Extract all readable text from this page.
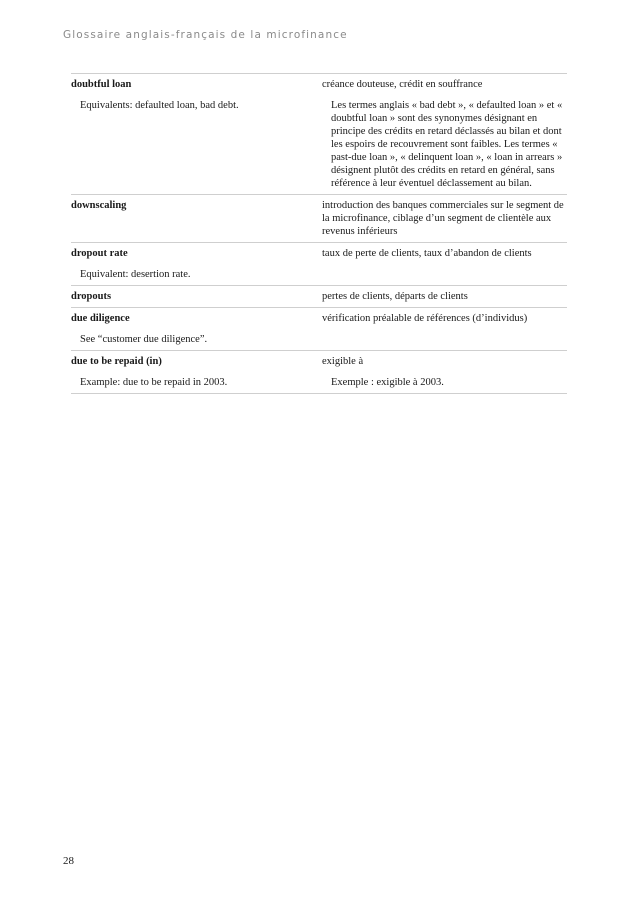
Glossaire anglais-français de la microfinance
doubtful loan
Equivalents: defaulted loan, bad debt.
créance douteuse, crédit en souffrance
Les termes anglais « bad debt », « defaulted loan » et « doubtful loan » sont des synonymes désignant en principe des crédits en retard déclassés au bilan et dont les espoirs de recouvrement sont faibles. Les termes « past-due loan », « delinquent loan », « loan in arrears » désignent plutôt des crédits en retard en général, sans référence à leur éventuel déclassement au bilan.
downscaling	introduction des banques commerciales sur le segment de la microfinance, ciblage d’un segment de clientèle aux revenus inférieurs
dropout rate
Equivalent: desertion rate.
taux de perte de clients, taux d’abandon de clients
dropouts	pertes de clients, départs de clients
due diligence
See “customer due diligence”.
vérification préalable de références (d’individus)
due to be repaid (in)
Example: due to be repaid in 2003.
exigible à
Exemple : exigible à 2003.
28
